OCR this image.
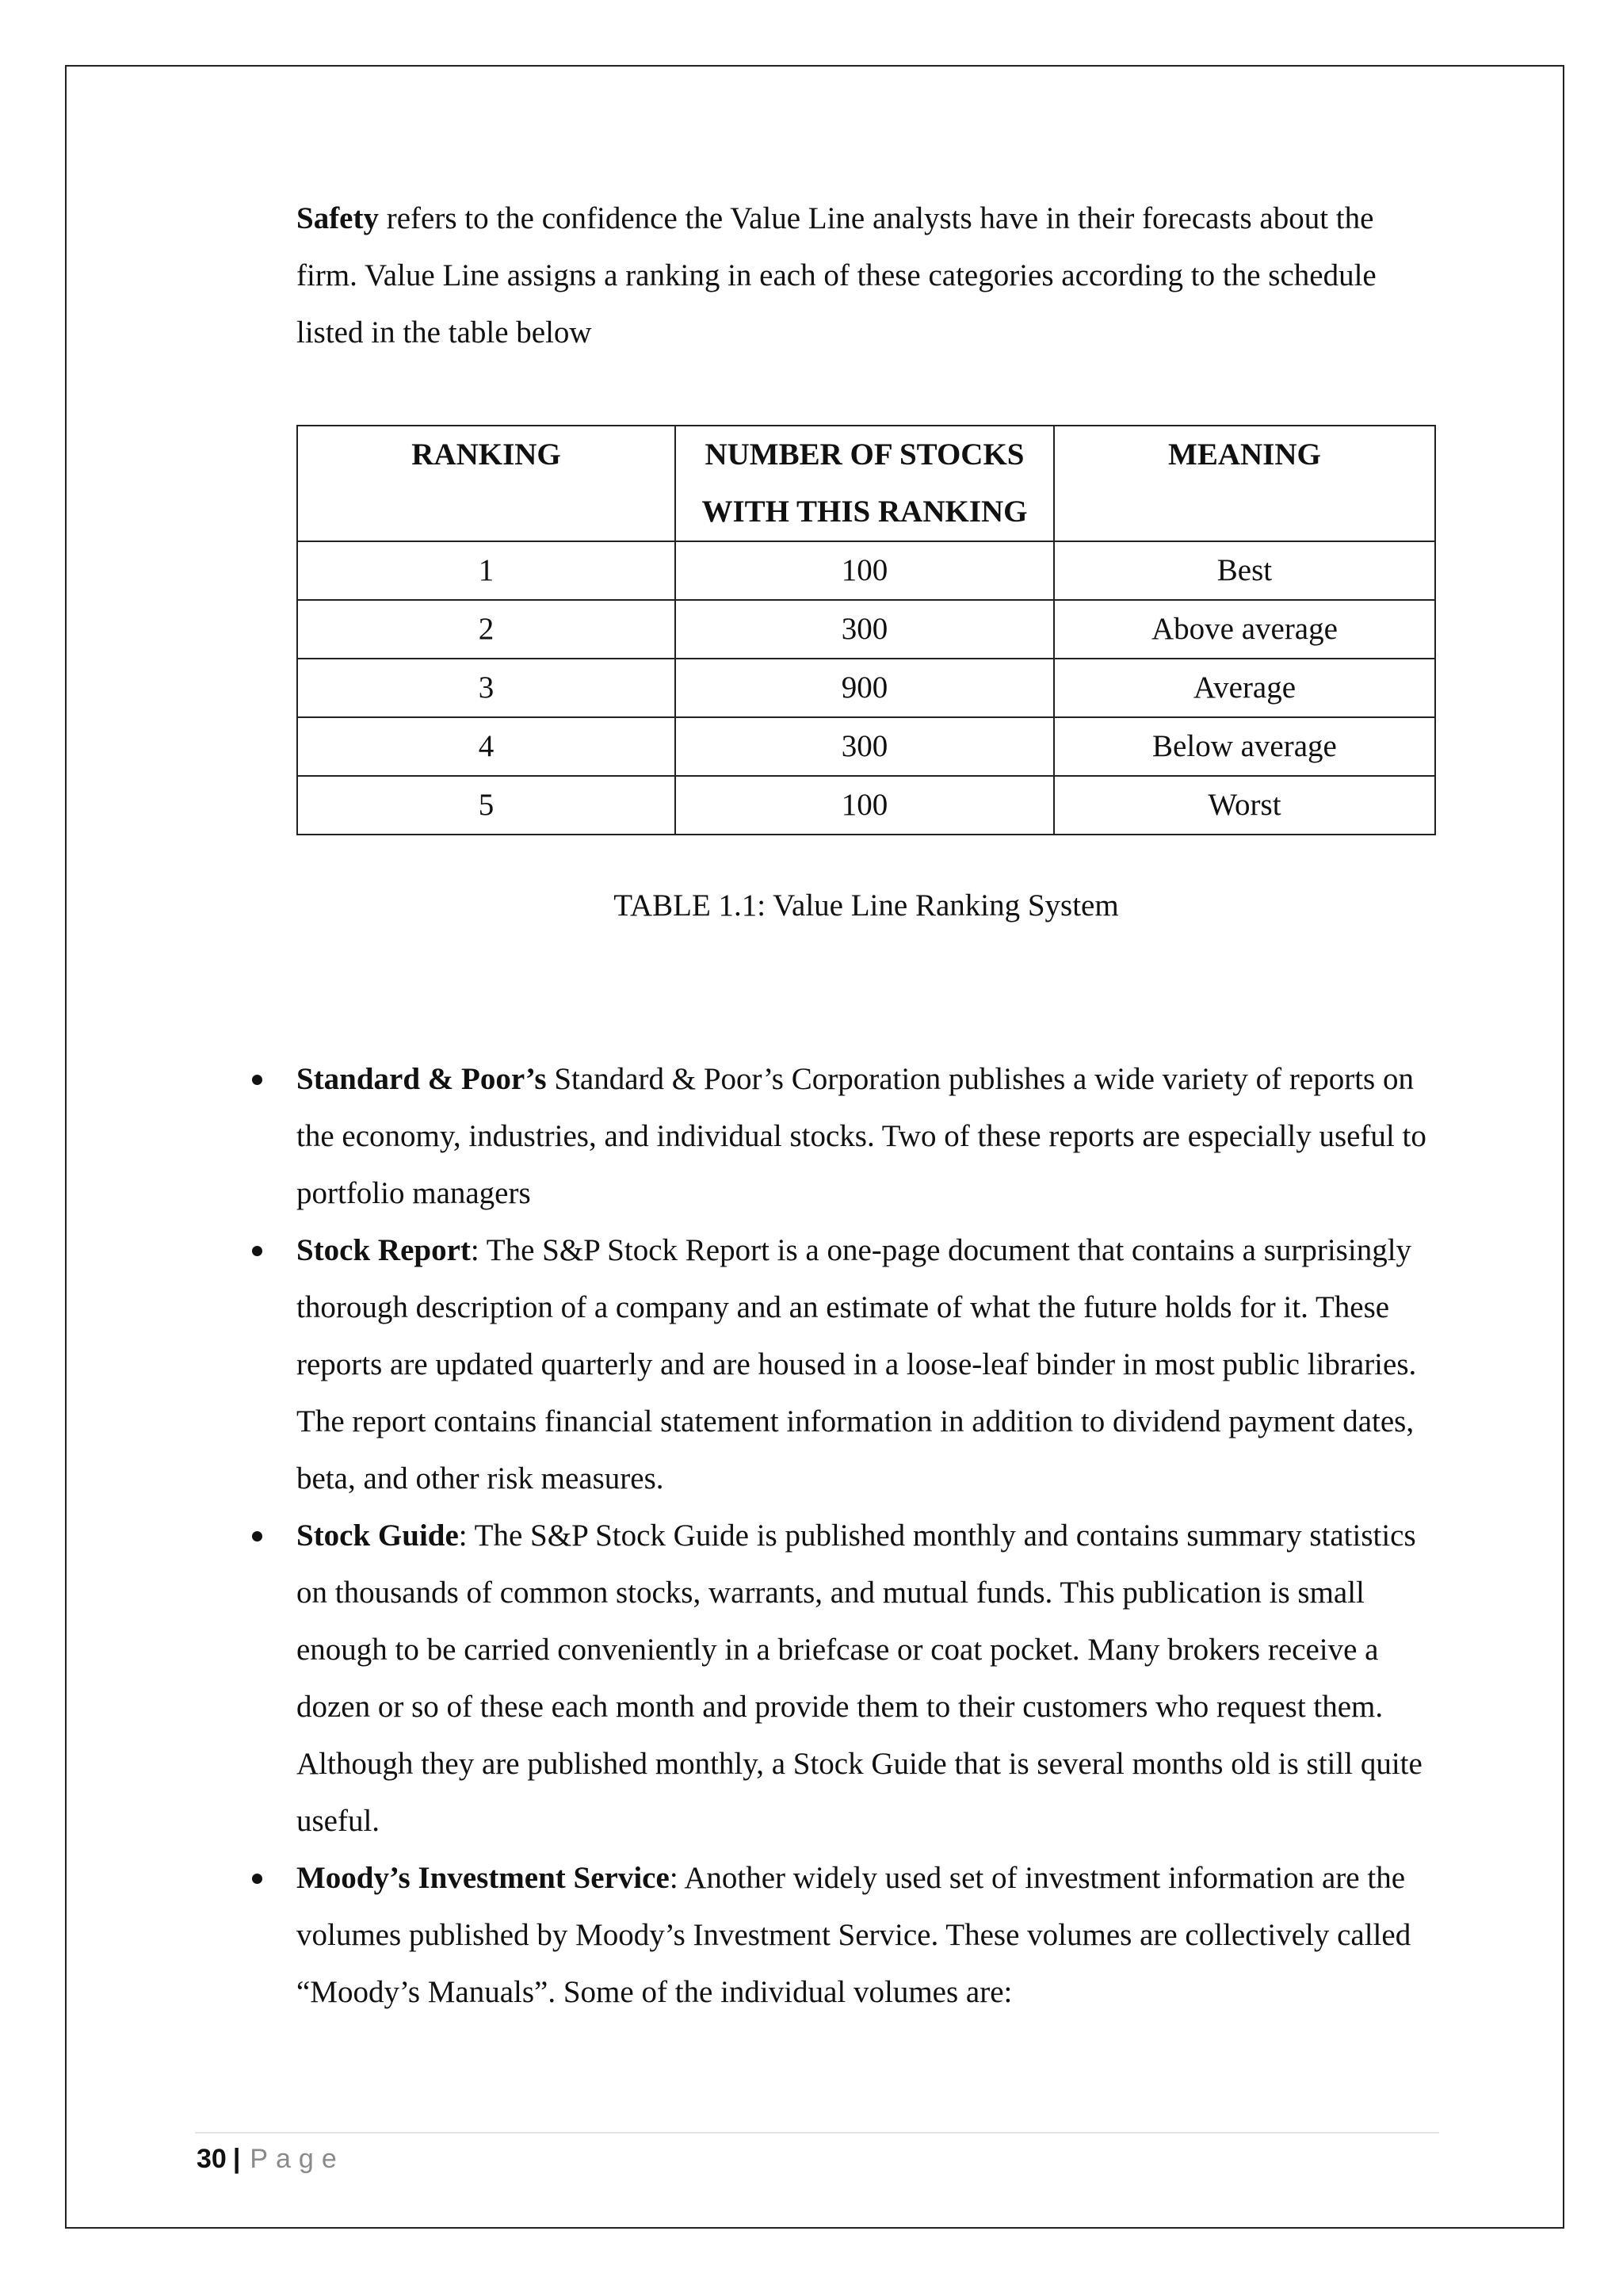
Safety refers to the confidence the Value Line analysts have in their forecasts about the firm. Value Line assigns a ranking in each of these categories according to the schedule listed in the table below

RANKING	NUMBER OF STOCKS WITH THIS RANKING	MEANING
1	100	Best
2	300	Above average
3	900	Average
4	300	Below average
5	100	Worst
TABLE 1.1: Value Line Ranking System
Standard & Poor’s Standard & Poor’s Corporation publishes a wide variety of reports on the economy, industries, and individual stocks. Two of these reports are especially useful to portfolio managers
Stock Report: The S&P Stock Report is a one-page document that contains a surprisingly thorough description of a company and an estimate of what the future holds for it. These reports are updated quarterly and are housed in a loose-leaf binder in most public libraries. The report contains financial statement information in addition to dividend payment dates, beta, and other risk measures.
Stock Guide: The S&P Stock Guide is published monthly and contains summary statistics on thousands of common stocks, warrants, and mutual funds. This publication is small enough to be carried conveniently in a briefcase or coat pocket. Many brokers receive a dozen or so of these each month and provide them to their customers who request them. Although they are published monthly, a Stock Guide that is several months old is still quite useful.
Moody’s Investment Service: Another widely used set of investment information are the volumes published by Moody’s Investment Service. These volumes are collectively called “Moody’s Manuals”. Some of the individual volumes are:
30 | Page
